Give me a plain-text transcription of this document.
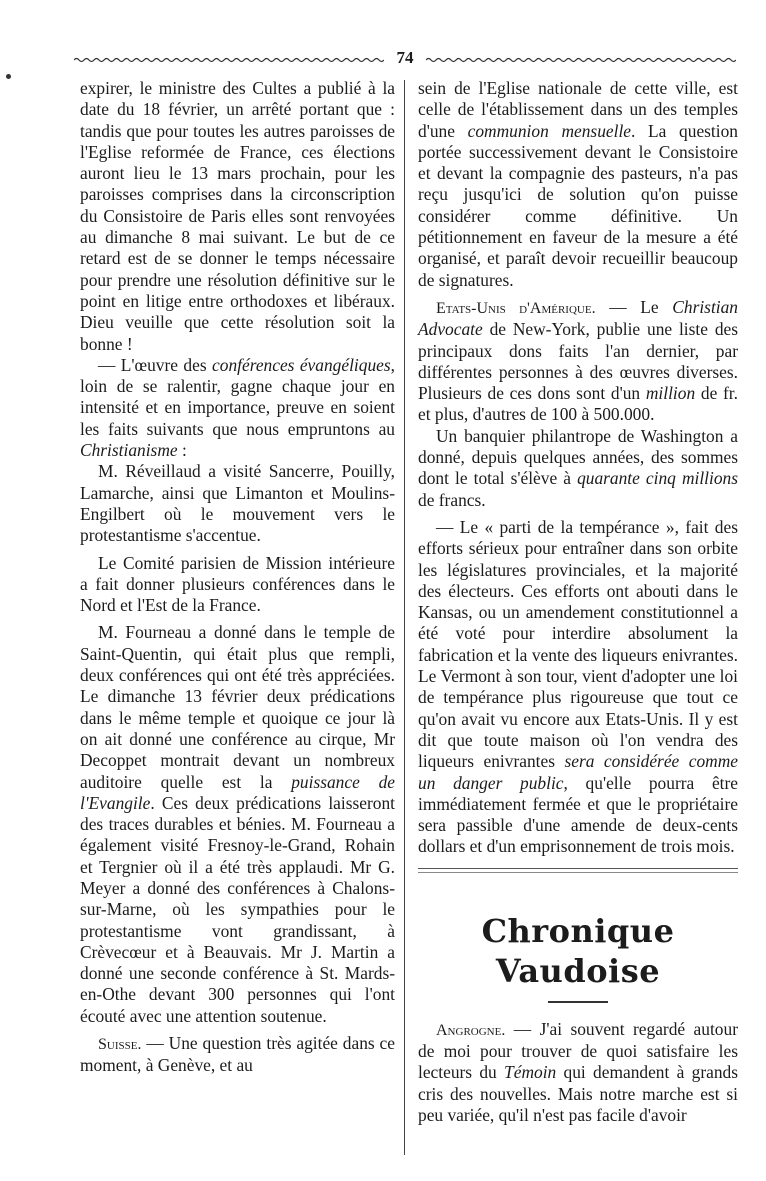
74

expirer, le ministre des Cultes a publié à la date du 18 février, un arrêté portant que : tandis que pour toutes les autres paroisses de l'Eglise reformée de France, ces élections auront lieu le 13 mars prochain, pour les paroisses comprises dans la circonscription du Consistoire de Paris elles sont renvoyées au dimanche 8 mai suivant. Le but de ce retard est de se donner le temps nécessaire pour prendre une résolution définitive sur le point en litige entre orthodoxes et libéraux. Dieu veuille que cette résolution soit la bonne !

— L'œuvre des conférences évangéliques, loin de se ralentir, gagne chaque jour en intensité et en importance, preuve en soient les faits suivants que nous empruntons au Christianisme :

M. Réveillaud a visité Sancerre, Pouilly, Lamarche, ainsi que Limanton et Moulins-Engilbert où le mouvement vers le protestantisme s'accentue.

Le Comité parisien de Mission intérieure a fait donner plusieurs conférences dans le Nord et l'Est de la France.

M. Fourneau a donné dans le temple de Saint-Quentin, qui était plus que rempli, deux conférences qui ont été très appréciées. Le dimanche 13 février deux prédications dans le même temple et quoique ce jour là on ait donné une conférence au cirque, Mr Decoppet montrait devant un nombreux auditoire quelle est la puissance de l'Evangile. Ces deux prédications laisseront des traces durables et bénies. M. Fourneau a également visité Fresnoy-le-Grand, Rohain et Tergnier où il a été très applaudi. Mr G. Meyer a donné des conférences à Chalons-sur-Marne, où les sympathies pour le protestantisme vont grandissant, à Crèvecœur et à Beauvais. Mr J. Martin a donné une seconde conférence à St. Mards-en-Othe devant 300 personnes qui l'ont écouté avec une attention soutenue.

Suisse. — Une question très agitée dans ce moment, à Genève, et au

sein de l'Eglise nationale de cette ville, est celle de l'établissement dans un des temples d'une communion mensuelle. La question portée successivement devant le Consistoire et devant la compagnie des pasteurs, n'a pas reçu jusqu'ici de solution qu'on puisse considérer comme définitive. Un pétitionnement en faveur de la mesure a été organisé, et paraît devoir recueillir beaucoup de signatures.

Etats-Unis d'Amérique. — Le Christian Advocate de New-York, publie une liste des principaux dons faits l'an dernier, par différentes personnes à des œuvres diverses. Plusieurs de ces dons sont d'un million de fr. et plus, d'autres de 100 à 500.000.

Un banquier philantrope de Washington a donné, depuis quelques années, des sommes dont le total s'élève à quarante cinq millions de francs.

— Le « parti de la tempérance », fait des efforts sérieux pour entraîner dans son orbite les législatures provinciales, et la majorité des électeurs. Ces efforts ont abouti dans le Kansas, ou un amendement constitutionnel a été voté pour interdire absolument la fabrication et la vente des liqueurs enivrantes. Le Vermont à son tour, vient d'adopter une loi de tempérance plus rigoureuse que tout ce qu'on avait vu encore aux Etats-Unis. Il y est dit que toute maison où l'on vendra des liqueurs enivrantes sera considérée comme un danger public, qu'elle pourra être immédiatement fermée et que le propriétaire sera passible d'une amende de deux-cents dollars et d'un emprisonnement de trois mois.

Chronique Vaudoise

Angrogne. — J'ai souvent regardé autour de moi pour trouver de quoi satisfaire les lecteurs du Témoin qui demandent à grands cris des nouvelles. Mais notre marche est si peu variée, qu'il n'est pas facile d'avoir
